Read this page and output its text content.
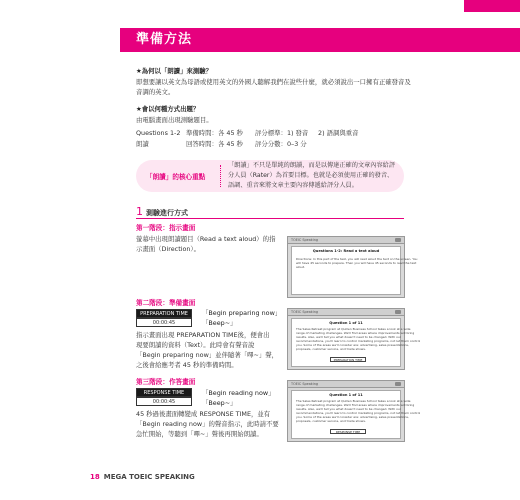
準備方法
★為何以「朗讀」來測驗？
即想要讓以英文為母語或使用英文的外國人聽解我們在說些什麼，就必須說出一口擁有正確發音及
音調的英文。
★會以何種方式出題？
由電腦畫面出現測驗題目。
Questions 1-2 準備時間：各 45 秒 評分標準：1) 發音 2) 語調與重音
朗讀	回答時間：各 45 秒 評分分數：0–3 分
「朗讀」的核心重點
「朗讀」不只是單純的朗讀，而是以傳達正確的文章內容給評
分人員（Rater）為首要目標。也就是必須使用正確的發音、
語調、重音來將文章主要內容傳遞給評分人員。
1 測驗進行方式
第一階段：指示畫面
螢幕中出現朗讀題目（Read a text aloud）的指
示畫面（Direction）。
第二階段：準備畫面
PREPARATION TIME
00:00:45
「Begin preparing now」
「Beep~」
指示畫面出現 PREPARATION TIME後，便會出
現要朗讀的資料（Text）。此時會有聲音說
「Begin preparing now」並伴隨著「嗶~」聲，
之後會給應考者 45 秒的準備時間。
第三階段：作答畫面
RESPONSE TIME
00:00:45
「Begin reading now」
「Beep~」
45 秒過後畫面轉變成 RESPONSE TIME，並有
「Begin reading now」的聲音指示，此時請不要
急忙開始，等聽到「嗶~」聲後再開始朗讀。
TOEIC Speaking
Questions 1-2: Read a text aloud
Directions: In this part of the test, you will read aloud the text on the screen. You
will have 45 seconds to prepare. Then you will have 45 seconds to read the text
aloud.
TOEIC Speaking
Question 1 of 11
The Sales Retreat program at Quillen Business School takes a look at a wide
range of marketing challenges. We'll find areas where improvements will bring
results. Also, we'll tell you what doesn't need to be changed. With our
recommendations, you'll learn to control marketing programs, not let them control
you. Some of the areas we'll consider are: advertising, sales presentations,
proposals, customer service, and trade shows.
PREPARATION TIME
TOEIC Speaking
Question 1 of 11
The Sales Retreat program at Quillen Business School takes a look at a wide
range of marketing challenges. We'll find areas where improvements will bring
results. Also, we'll tell you what doesn't need to be changed. With our
recommendations, you'll learn to control marketing programs, not let them control
you. Some of the areas we'll consider are: advertising, sales presentations,
proposals, customer service, and trade shows.
RESPONSE TIME
18 MEGA TOEIC SPEAKING
